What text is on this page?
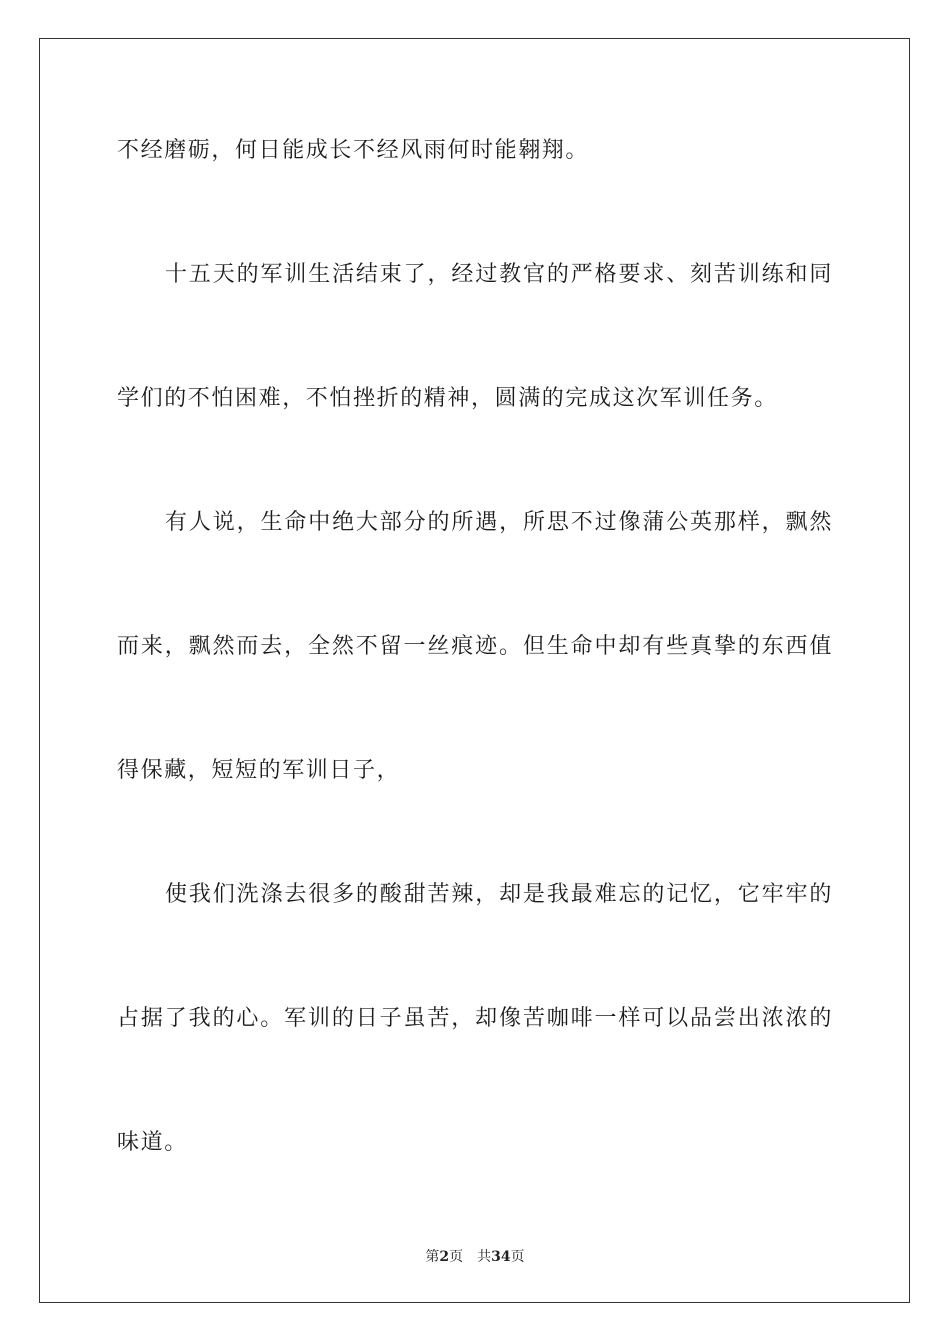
不经磨砺，何日能成长不经风雨何时能翱翔。
十五天的军训生活结束了，经过教官的严格要求、刻苦训练和同
学们的不怕困难，不怕挫折的精神，圆满的完成这次军训任务。
有人说，生命中绝大部分的所遇，所思不过像蒲公英那样，飘然
而来，飘然而去，全然不留一丝痕迹。但生命中却有些真挚的东西值
得保藏，短短的军训日子，
使我们洗涤去很多的酸甜苦辣，却是我最难忘的记忆，它牢牢的
占据了我的心。军训的日子虽苦，却像苦咖啡一样可以品尝出浓浓的
味道。
第2页 共34页
